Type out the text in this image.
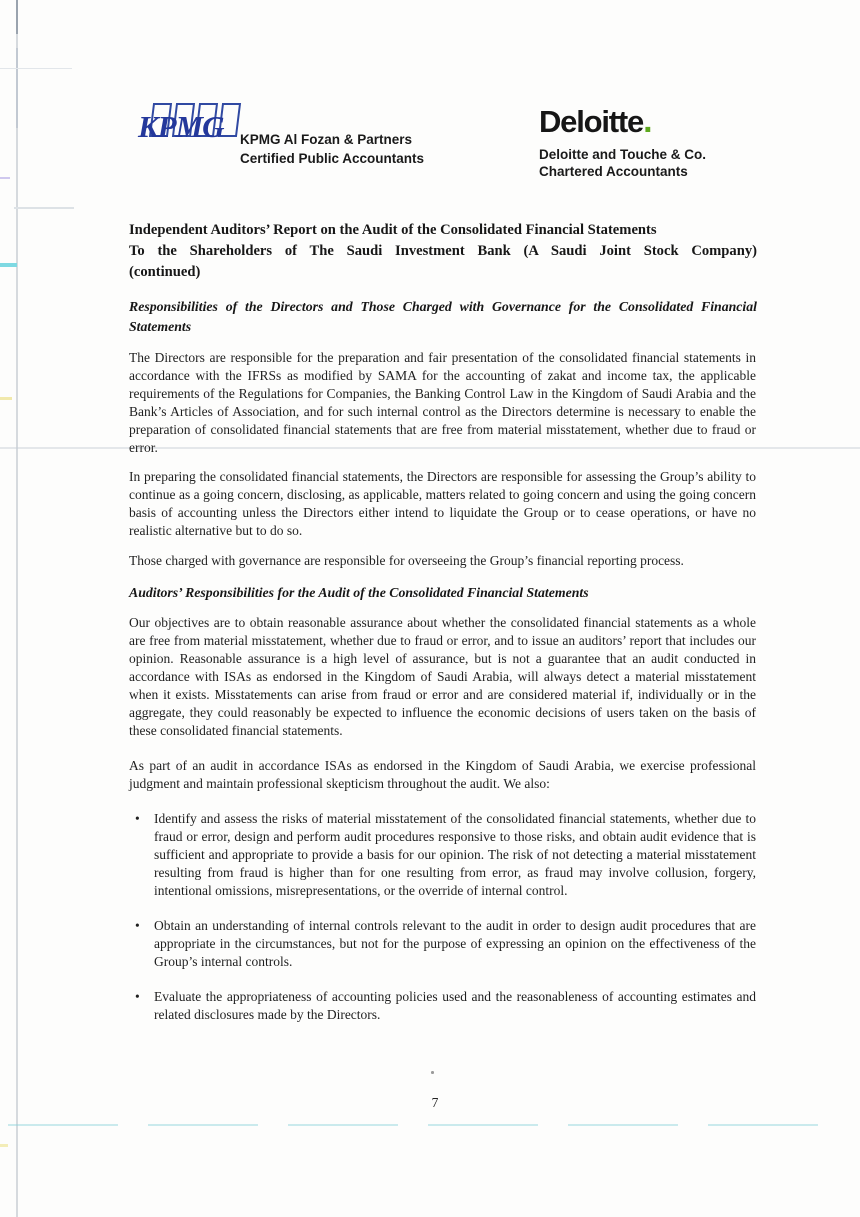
KPMG KPMG Al Fozan & Partners
Certified Public Accountants
Deloitte.
Deloitte and Touche & Co.
Chartered Accountants
Independent Auditors’ Report on the Audit of the Consolidated Financial Statements
To the Shareholders of The Saudi Investment Bank (A Saudi Joint Stock Company)
(continued)
Responsibilities of the Directors and Those Charged with Governance for the Consolidated Financial Statements

The Directors are responsible for the preparation and fair presentation of the consolidated financial statements in accordance with the IFRSs as modified by SAMA for the accounting of zakat and income tax, the applicable requirements of the Regulations for Companies, the Banking Control Law in the Kingdom of Saudi Arabia and the Bank’s Articles of Association, and for such internal control as the Directors determine is necessary to enable the preparation of consolidated financial statements that are free from material misstatement, whether due to fraud or error.

In preparing the consolidated financial statements, the Directors are responsible for assessing the Group’s ability to continue as a going concern, disclosing, as applicable, matters related to going concern and using the going concern basis of accounting unless the Directors either intend to liquidate the Group or to cease operations, or have no realistic alternative but to do so.

Those charged with governance are responsible for overseeing the Group’s financial reporting process.

Auditors’ Responsibilities for the Audit of the Consolidated Financial Statements

Our objectives are to obtain reasonable assurance about whether the consolidated financial statements as a whole are free from material misstatement, whether due to fraud or error, and to issue an auditors’ report that includes our opinion. Reasonable assurance is a high level of assurance, but is not a guarantee that an audit conducted in accordance with ISAs as endorsed in the Kingdom of Saudi Arabia, will always detect a material misstatement when it exists. Misstatements can arise from fraud or error and are considered material if, individually or in the aggregate, they could reasonably be expected to influence the economic decisions of users taken on the basis of these consolidated financial statements.

As part of an audit in accordance ISAs as endorsed in the Kingdom of Saudi Arabia, we exercise professional judgment and maintain professional skepticism throughout the audit. We also:

• Identify and assess the risks of material misstatement of the consolidated financial statements, whether due to fraud or error, design and perform audit procedures responsive to those risks, and obtain audit evidence that is sufficient and appropriate to provide a basis for our opinion. The risk of not detecting a material misstatement resulting from fraud is higher than for one resulting from error, as fraud may involve collusion, forgery, intentional omissions, misrepresentations, or the override of internal control.
• Obtain an understanding of internal controls relevant to the audit in order to design audit procedures that are appropriate in the circumstances, but not for the purpose of expressing an opinion on the effectiveness of the Group’s internal controls.
• Evaluate the appropriateness of accounting policies used and the reasonableness of accounting estimates and related disclosures made by the Directors.
7
